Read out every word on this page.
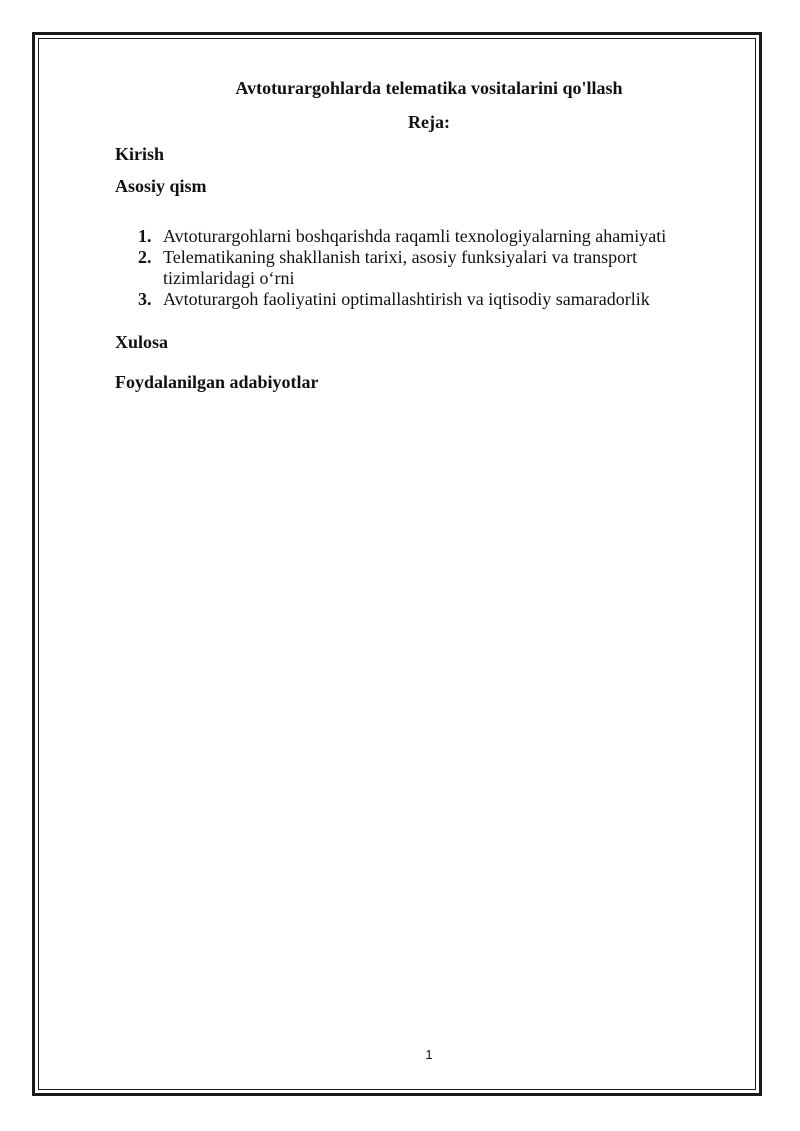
Avtoturargohlarda telematika vositalarini qo'llash
Reja:
Kirish
Asosiy qism
1. Avtoturargohlarni boshqarishda raqamli texnologiyalarning ahamiyati
2. Telematikaning shakllanish tarixi, asosiy funksiyalari va transport tizimlaridagi o‘rni
3. Avtoturargoh faoliyatini optimallashtirish va iqtisodiy samaradorlik
Xulosa
Foydalanilgan adabiyotlar
1
